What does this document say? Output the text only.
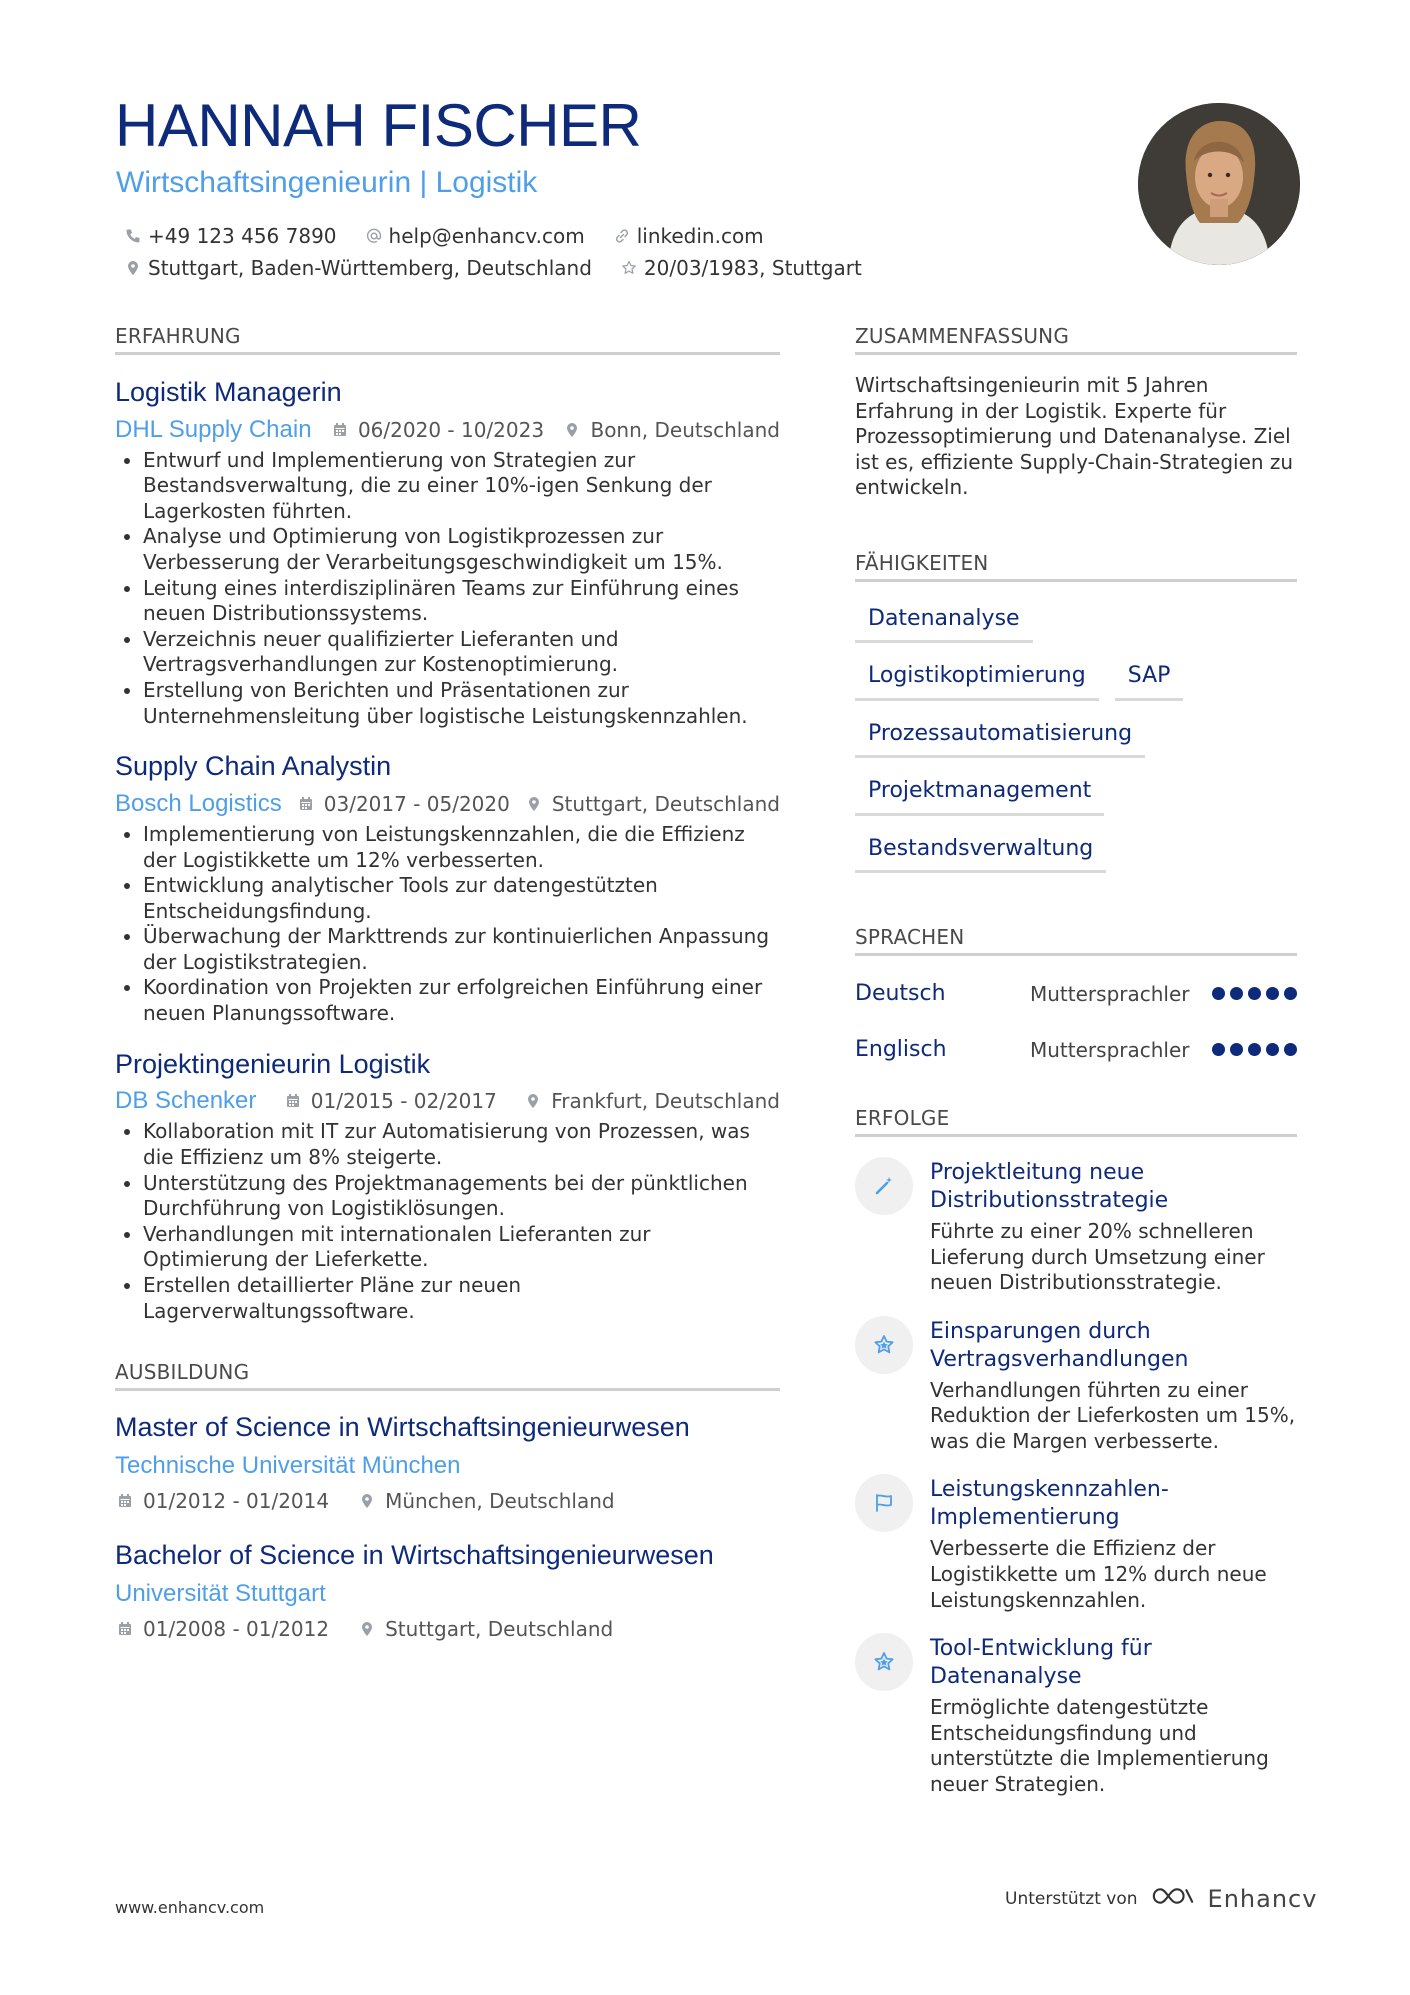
HANNAH FISCHER
Wirtschaftsingenieurin | Logistik
+49 123 456 7890	help@enhancv.com	linkedin.com
Stuttgart, Baden-Württemberg, Deutschland	20/03/1983, Stuttgart
ERFAHRUNG
Logistik Managerin
DHL Supply Chain 06/2020 - 10/2023 Bonn, Deutschland
• Entwurf und Implementierung von Strategien zur Bestandsverwaltung, die zu einer 10%-igen Senkung der Lagerkosten führten.
• Analyse und Optimierung von Logistikprozessen zur Verbesserung der Verarbeitungsgeschwindigkeit um 15%.
• Leitung eines interdisziplinären Teams zur Einführung eines neuen Distributionssystems.
• Verzeichnis neuer qualifizierter Lieferanten und Vertragsverhandlungen zur Kostenoptimierung.
• Erstellung von Berichten und Präsentationen zur Unternehmensleitung über logistische Leistungskennzahlen.
Supply Chain Analystin
Bosch Logistics 03/2017 - 05/2020 Stuttgart, Deutschland
• Implementierung von Leistungskennzahlen, die die Effizienz der Logistikkette um 12% verbesserten.
• Entwicklung analytischer Tools zur datengestützten Entscheidungsfindung.
• Überwachung der Markttrends zur kontinuierlichen Anpassung der Logistikstrategien.
• Koordination von Projekten zur erfolgreichen Einführung einer neuen Planungssoftware.
Projektingenieurin Logistik
DB Schenker	01/2015 - 02/2017	Frankfurt, Deutschland
• Kollaboration mit IT zur Automatisierung von Prozessen, was die Effizienz um 8% steigerte.
• Unterstützung des Projektmanagements bei der pünktlichen Durchführung von Logistiklösungen.
• Verhandlungen mit internationalen Lieferanten zur Optimierung der Lieferkette.
• Erstellen detaillierter Pläne zur neuen Lagerverwaltungssoftware.
AUSBILDUNG
Master of Science in Wirtschaftsingenieurwesen
Technische Universität München
01/2012 - 01/2014	München, Deutschland
Bachelor of Science in Wirtschaftsingenieurwesen
Universität Stuttgart
01/2008 - 01/2012	Stuttgart, Deutschland
ZUSAMMENFASSUNG
Wirtschaftsingenieurin mit 5 Jahren Erfahrung in der Logistik. Experte für Prozessoptimierung und Datenanalyse. Ziel ist es, effiziente Supply-Chain-Strategien zu entwickeln.
FÄHIGKEITEN
Datenanalyse
Logistikoptimierung	SAP
Prozessautomatisierung
Projektmanagement
Bestandsverwaltung
SPRACHEN
Deutsch	Muttersprachler
Englisch	Muttersprachler
ERFOLGE
Projektleitung neue Distributionsstrategie
Führte zu einer 20% schnelleren Lieferung durch Umsetzung einer neuen Distributionsstrategie.
Einsparungen durch Vertragsverhandlungen
Verhandlungen führten zu einer Reduktion der Lieferkosten um 15%, was die Margen verbesserte.
Leistungskennzahlen-Implementierung
Verbesserte die Effizienz der Logistikkette um 12% durch neue Leistungskennzahlen.
Tool-Entwicklung für Datenanalyse
Ermöglichte datengestützte Entscheidungsfindung und unterstützte die Implementierung neuer Strategien.
www.enhancv.com	Unterstützt von	Enhancv
